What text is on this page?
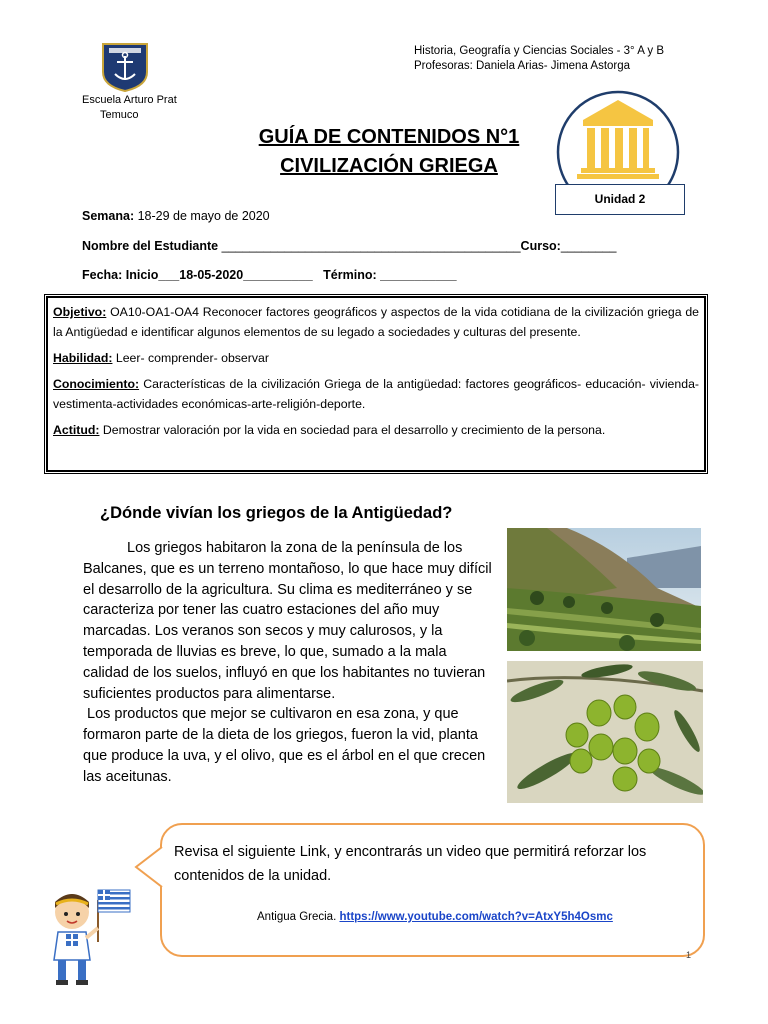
Escuela Arturo Prat
Temuco
Historia, Geografía y Ciencias Sociales - 3° A y B
Profesoras: Daniela Arias- Jimena Astorga
Unidad 2
GUÍA DE CONTENIDOS N°1
CIVILIZACIÓN GRIEGA
Semana: 18-29 de mayo de 2020
Nombre del Estudiante ___________________________________________Curso:________
Fecha: Inicio___18-05-2020__________ Término: ___________

Objetivo: OA10-OA1-OA4 Reconocer factores geográficos y aspectos de la vida cotidiana de la civilización griega de la Antigüedad e identificar algunos elementos de su legado a sociedades y culturas del presente.

Habilidad: Leer- comprender- observar

Conocimiento: Características de la civilización Griega de la antigüedad: factores geográficos- educación- vivienda-vestimenta-actividades económicas-arte-religión-deporte.

Actitud: Demostrar valoración por la vida en sociedad para el desarrollo y crecimiento de la persona.

¿Dónde vivían los griegos de la Antigüedad?

Los griegos habitaron la zona de la península de los Balcanes, que es un terreno montañoso, lo que hace muy difícil el desarrollo de la agricultura. Su clima es mediterráneo y se caracteriza por tener las cuatro estaciones del año muy marcadas. Los veranos son secos y muy calurosos, y la temporada de lluvias es breve, lo que, sumado a la mala calidad de los suelos, influyó en que los habitantes no tuvieran suficientes productos para alimentarse.

Los productos que mejor se cultivaron en esa zona, y que formaron parte de la dieta de los griegos, fueron la vid, planta que produce la uva, y el olivo, que es el árbol en el que crecen las aceitunas.

Revisa el siguiente Link, y encontrarás un video que permitirá reforzar los contenidos de la unidad.
Antigua Grecia. https://www.youtube.com/watch?v=AtxY5h4Osmc
1
